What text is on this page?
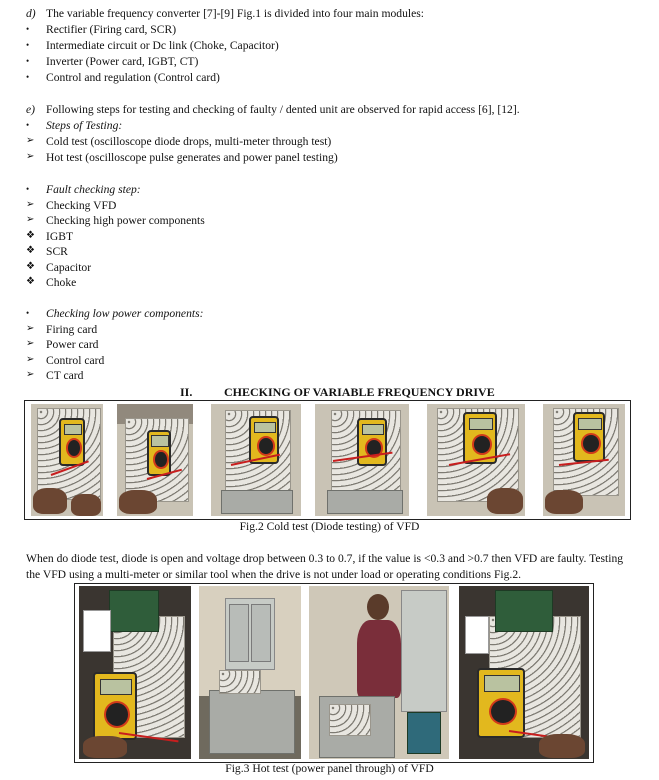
d) The variable frequency converter [7]-[9] Fig.1 is divided into four main modules:
•	Rectifier (Firing card, SCR)
•	Intermediate circuit or Dc link (Choke, Capacitor)
•	Inverter (Power card, IGBT, CT)
•	Control and regulation (Control card)
e) Following steps for testing and checking of faulty / dented unit are observed for rapid access [6], [12].
•	Steps of Testing:
➢	Cold test (oscilloscope diode drops, multi-meter through test)
➢	Hot test (oscilloscope pulse generates and power panel testing)
•	Fault checking step:
➢	Checking VFD
➢	Checking high power components
❖ IGBT
❖ SCR
❖ Capacitor
❖ Choke
•	Checking low power components:
➢	Firing card
➢	Power card
➢	Control card
➢	CT card
II.	CHECKING OF VARIABLE FREQUENCY DRIVE
Fig.2 Cold test (Diode testing) of VFD
When do diode test, diode is open and voltage drop between 0.3 to 0.7, if the value is <0.3 and >0.7 then VFD are faulty. Testing
the VFD using a multi-meter or similar tool when the drive is not under load or operating conditions Fig.2.
Fig.3 Hot test (power panel through) of VFD
